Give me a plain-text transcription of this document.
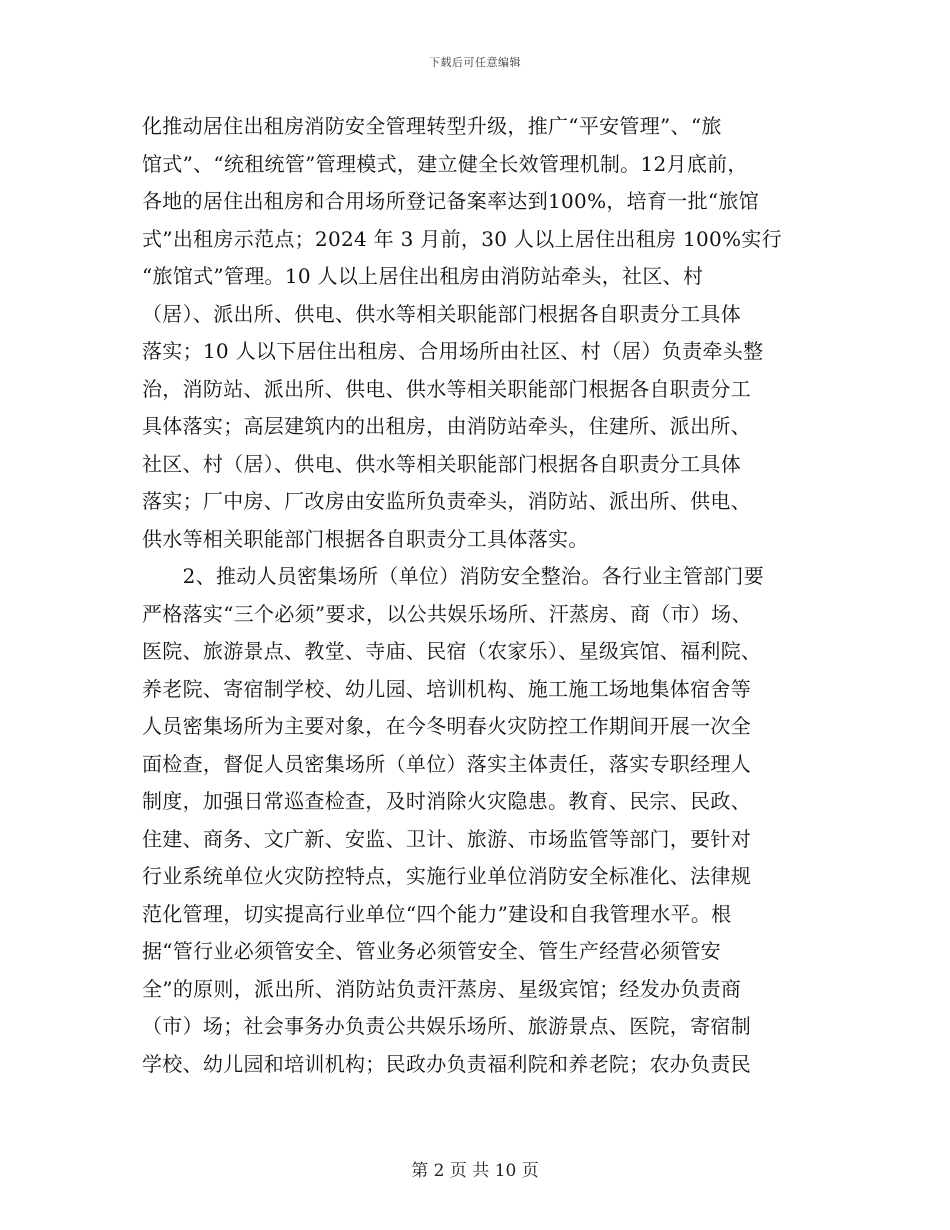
下载后可任意编辑
化推动居住出租房消防安全管理转型升级，推广“平安管理”、“旅
馆式”、“统租统管”管理模式，建立健全长效管理机制。12月底前，
各地的居住出租房和合用场所登记备案率达到100%，培育一批“旅馆
式”出租房示范点；2024 年 3 月前，30 人以上居住出租房 100%实行
“旅馆式”管理。10 人以上居住出租房由消防站牵头，社区、村
（居）、派出所、供电、供水等相关职能部门根据各自职责分工具体
落实；10 人以下居住出租房、合用场所由社区、村（居）负责牵头整
治，消防站、派出所、供电、供水等相关职能部门根据各自职责分工
具体落实；高层建筑内的出租房，由消防站牵头，住建所、派出所、
社区、村（居）、供电、供水等相关职能部门根据各自职责分工具体
落实；厂中房、厂改房由安监所负责牵头，消防站、派出所、供电、
供水等相关职能部门根据各自职责分工具体落实。
　　2、推动人员密集场所（单位）消防安全整治。各行业主管部门要
严格落实“三个必须”要求，以公共娱乐场所、汗蒸房、商（市）场、
医院、旅游景点、教堂、寺庙、民宿（农家乐）、星级宾馆、福利院、
养老院、寄宿制学校、幼儿园、培训机构、施工施工场地集体宿舍等
人员密集场所为主要对象，在今冬明春火灾防控工作期间开展一次全
面检查，督促人员密集场所（单位）落实主体责任，落实专职经理人
制度，加强日常巡查检查，及时消除火灾隐患。教育、民宗、民政、
住建、商务、文广新、安监、卫计、旅游、市场监管等部门，要针对
行业系统单位火灾防控特点，实施行业单位消防安全标准化、法律规
范化管理，切实提高行业单位“四个能力”建设和自我管理水平。根
据“管行业必须管安全、管业务必须管安全、管生产经营必须管安
全”的原则，派出所、消防站负责汗蒸房、星级宾馆；经发办负责商
（市）场；社会事务办负责公共娱乐场所、旅游景点、医院，寄宿制
学校、幼儿园和培训机构；民政办负责福利院和养老院；农办负责民
第 2 页 共 10 页
